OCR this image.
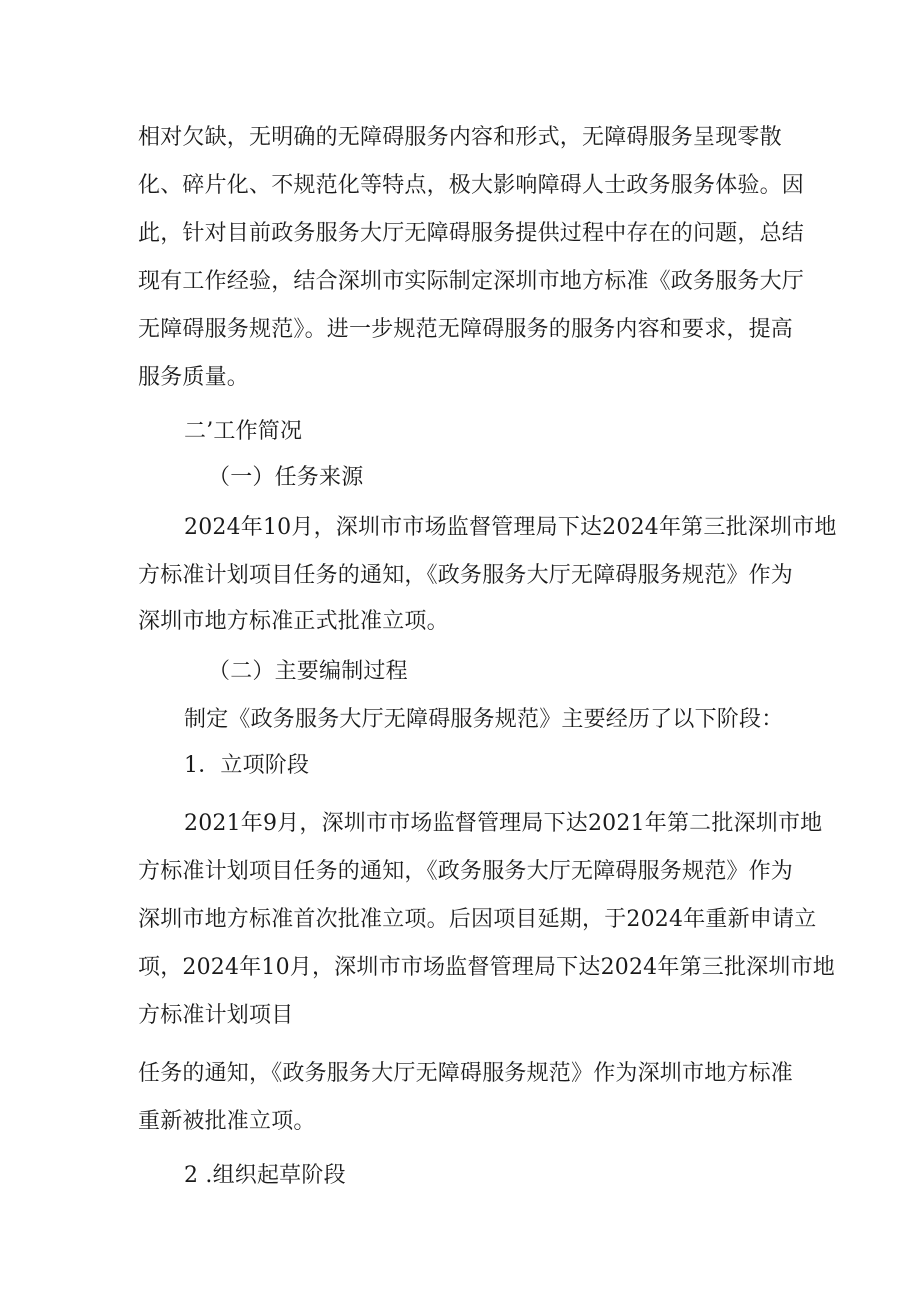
相对欠缺，无明确的无障碍服务内容和形式，无障碍服务呈现零散
化、碎片化、不规范化等特点，极大影响障碍人士政务服务体验。因
此，针对目前政务服务大厅无障碍服务提供过程中存在的问题，总结
现有工作经验，结合深圳市实际制定深圳市地方标准《政务服务大厅
无障碍服务规范》。进一步规范无障碍服务的服务内容和要求，提高
服务质量。
二’工作简况
（一）任务来源
2024年10月，深圳市市场监督管理局下达2024年第三批深圳市地
方标准计划项目任务的通知，《政务服务大厅无障碍服务规范》作为
深圳市地方标准正式批准立项。
（二）主要编制过程
制定《政务服务大厅无障碍服务规范》主要经历了以下阶段：
1．立项阶段
2021年9月，深圳市市场监督管理局下达2021年第二批深圳市地
方标准计划项目任务的通知，《政务服务大厅无障碍服务规范》作为
深圳市地方标准首次批准立项。后因项目延期，于2024年重新申请立
项，2024年10月，深圳市市场监督管理局下达2024年第三批深圳市地
方标准计划项目
任务的通知，《政务服务大厅无障碍服务规范》作为深圳市地方标准
重新被批准立项。
2 .组织起草阶段
